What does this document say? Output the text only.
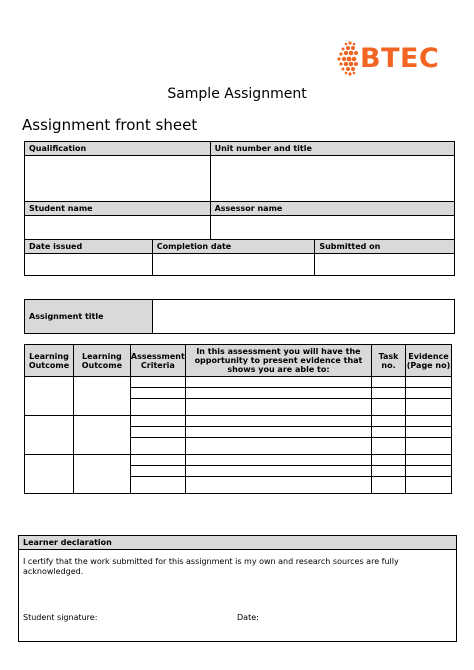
BTEC
Sample Assignment
Assignment front sheet
Qualification		Unit number and title	

Student name		Assessor name	

Date issued	Completion date		Submitted on

Assignment title	
Learning Outcome	Learning Outcome	Assessment Criteria	In this assessment you will have the opportunity to present evidence that shows you are able to:	Task no.	Evidence (Page no)

Learner declaration

I certify that the work submitted for this assignment is my own and research sources are fully acknowledged.
Student signature:	Date:
